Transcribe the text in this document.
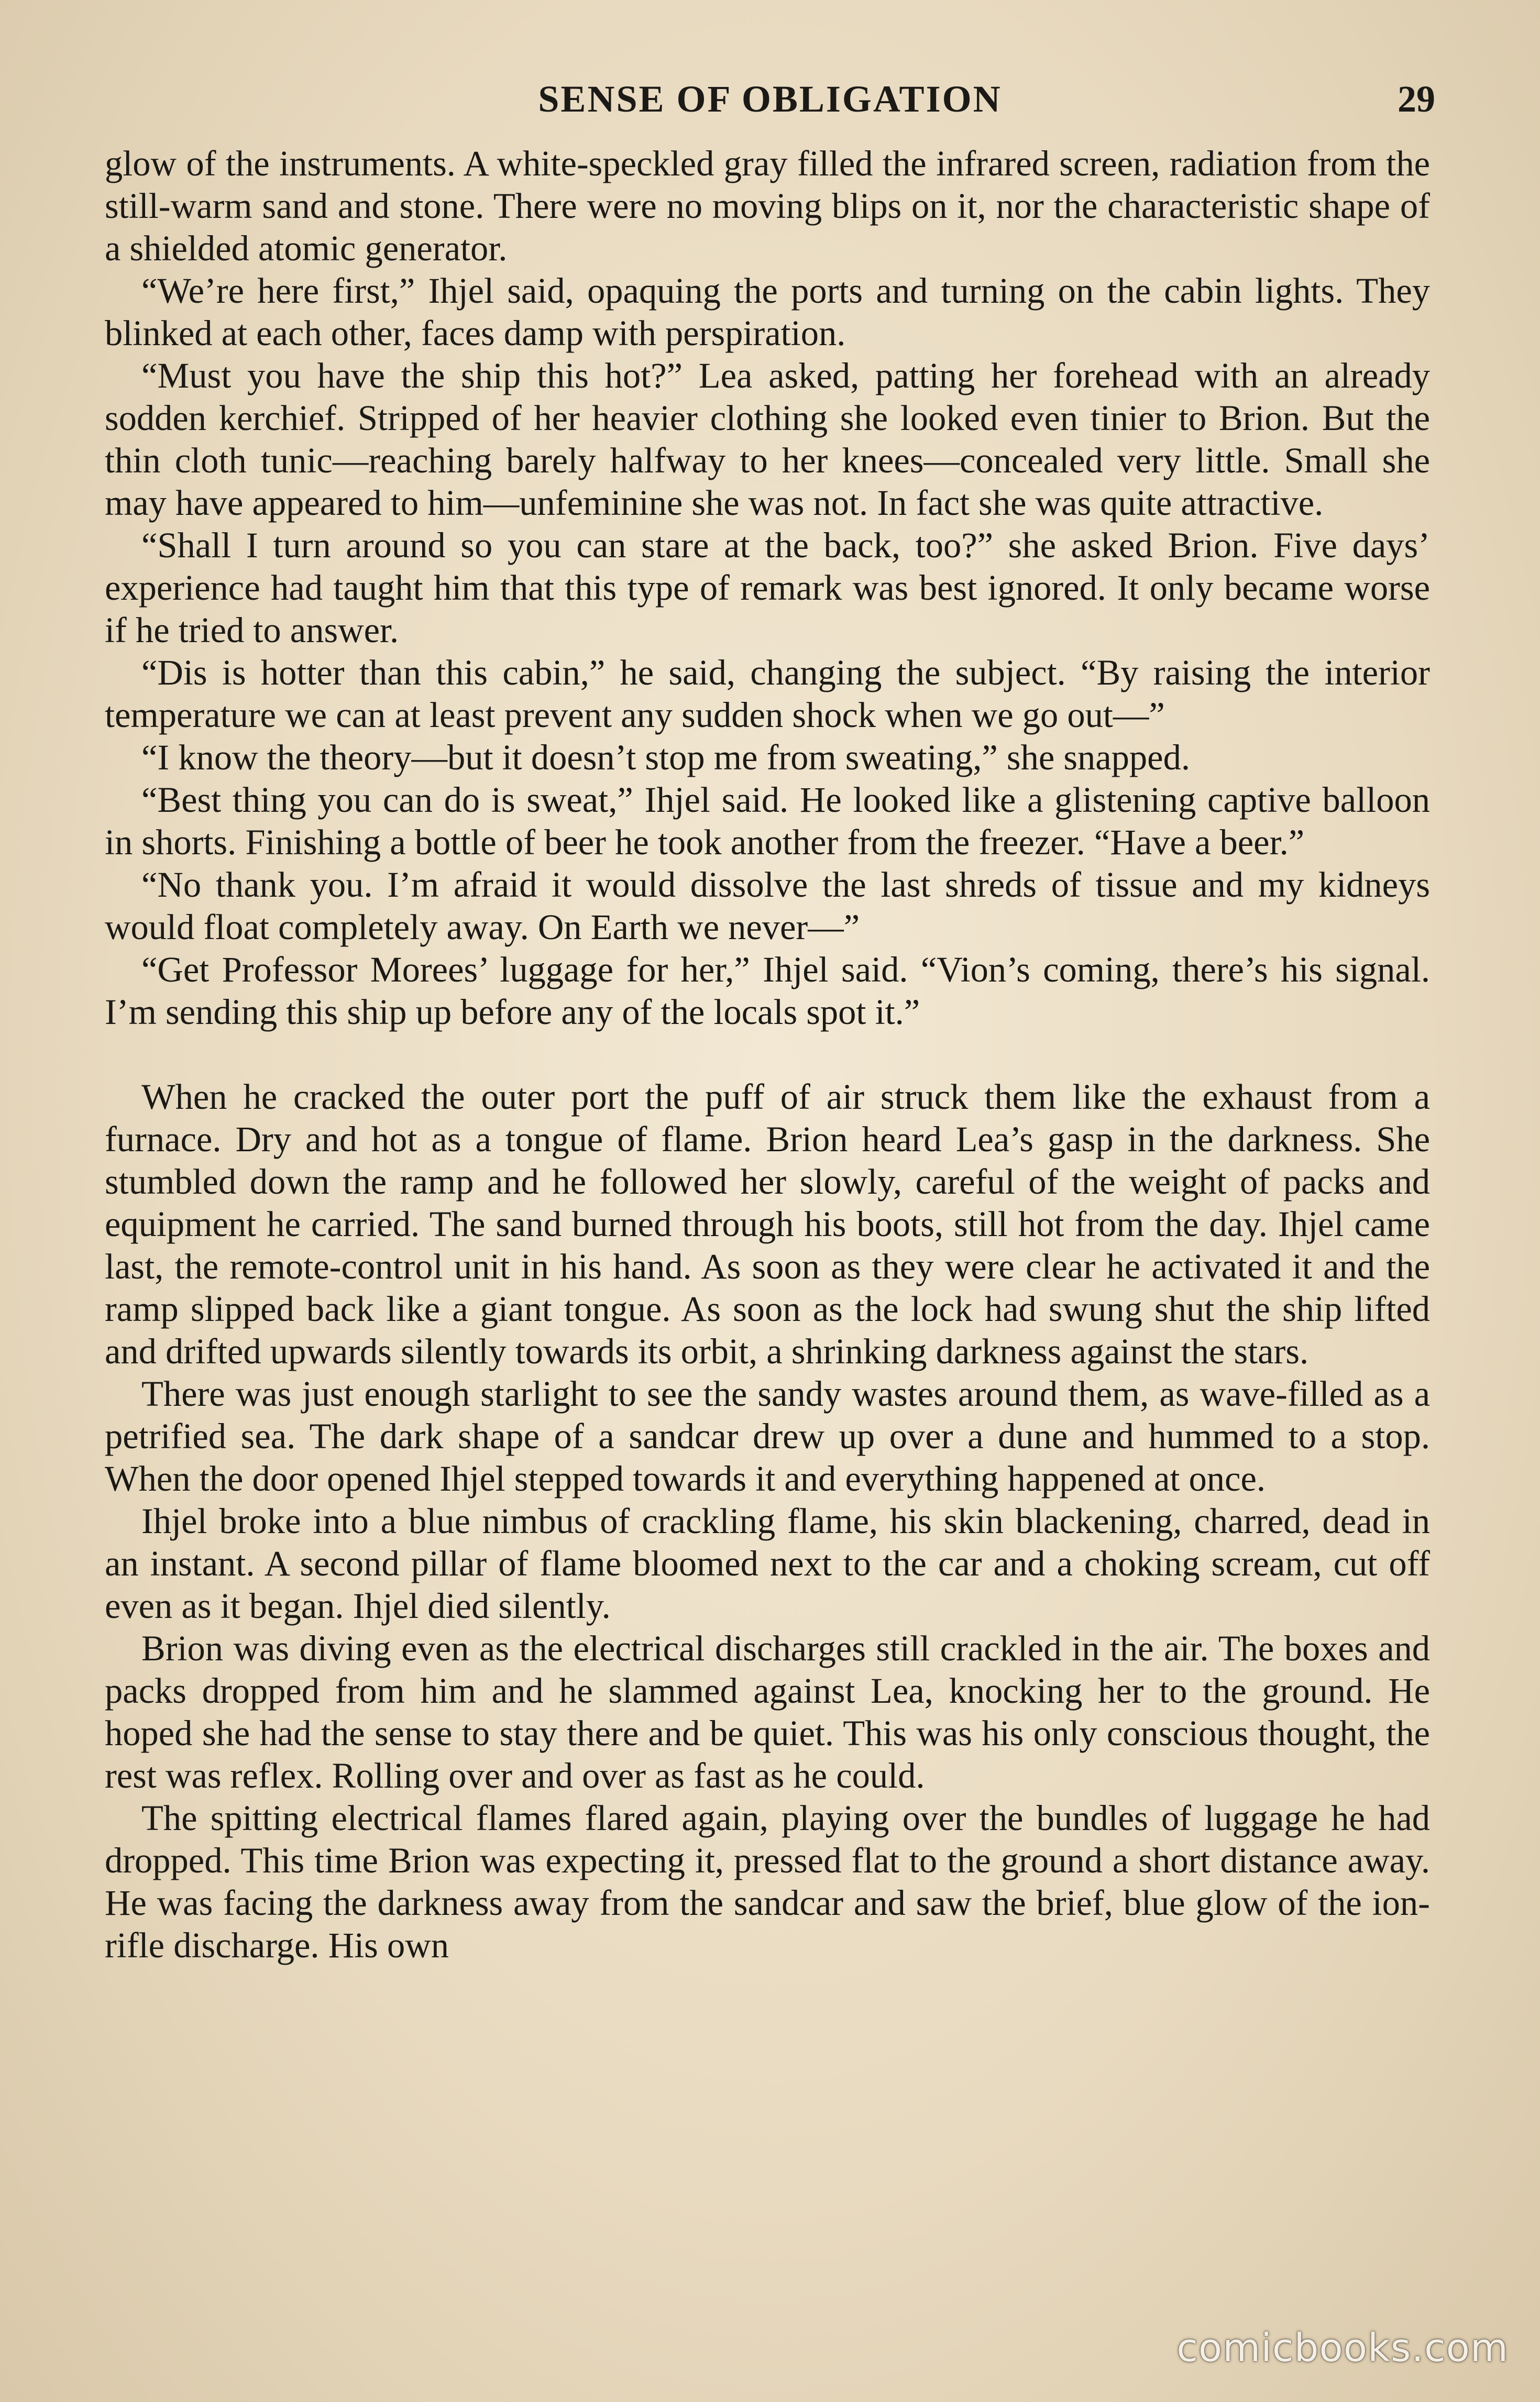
SENSE OF OBLIGATION	29

glow of the instruments. A white-speckled gray filled the infrared screen, radiation from the still-warm sand and stone. There were no moving blips on it, nor the characteristic shape of a shielded atomic generator.

“We’re here first,” Ihjel said, opaquing the ports and turning on the cabin lights. They blinked at each other, faces damp with perspiration.

“Must you have the ship this hot?” Lea asked, patting her forehead with an already sodden kerchief. Stripped of her heavier clothing she looked even tinier to Brion. But the thin cloth tunic—reaching barely halfway to her knees—concealed very little. Small she may have appeared to him—unfeminine she was not. In fact she was quite attractive.

“Shall I turn around so you can stare at the back, too?” she asked Brion. Five days’ experience had taught him that this type of remark was best ignored. It only became worse if he tried to answer.

“Dis is hotter than this cabin,” he said, changing the subject. “By raising the interior temperature we can at least prevent any sudden shock when we go out—”

“I know the theory—but it doesn’t stop me from sweating,” she snapped.

“Best thing you can do is sweat,” Ihjel said. He looked like a glistening captive balloon in shorts. Finishing a bottle of beer he took another from the freezer. “Have a beer.”

“No thank you. I’m afraid it would dissolve the last shreds of tissue and my kidneys would float completely away. On Earth we never—”

“Get Professor Morees’ luggage for her,” Ihjel said. “Vion’s coming, there’s his signal. I’m sending this ship up before any of the locals spot it.”

When he cracked the outer port the puff of air struck them like the exhaust from a furnace. Dry and hot as a tongue of flame. Brion heard Lea’s gasp in the darkness. She stumbled down the ramp and he followed her slowly, careful of the weight of packs and equipment he carried. The sand burned through his boots, still hot from the day. Ihjel came last, the remote-control unit in his hand. As soon as they were clear he activated it and the ramp slipped back like a giant tongue. As soon as the lock had swung shut the ship lifted and drifted upwards silently towards its orbit, a shrinking darkness against the stars.

There was just enough starlight to see the sandy wastes around them, as wave-filled as a petrified sea. The dark shape of a sandcar drew up over a dune and hummed to a stop. When the door opened Ihjel stepped towards it and everything happened at once.

Ihjel broke into a blue nimbus of crackling flame, his skin blackening, charred, dead in an instant. A second pillar of flame bloomed next to the car and a choking scream, cut off even as it began. Ihjel died silently.

Brion was diving even as the electrical discharges still crackled in the air. The boxes and packs dropped from him and he slammed against Lea, knocking her to the ground. He hoped she had the sense to stay there and be quiet. This was his only conscious thought, the rest was reflex. Rolling over and over as fast as he could.

The spitting electrical flames flared again, playing over the bundles of luggage he had dropped. This time Brion was expecting it, pressed flat to the ground a short distance away. He was facing the darkness away from the sandcar and saw the brief, blue glow of the ion-rifle discharge. His own

comicbooks.com
